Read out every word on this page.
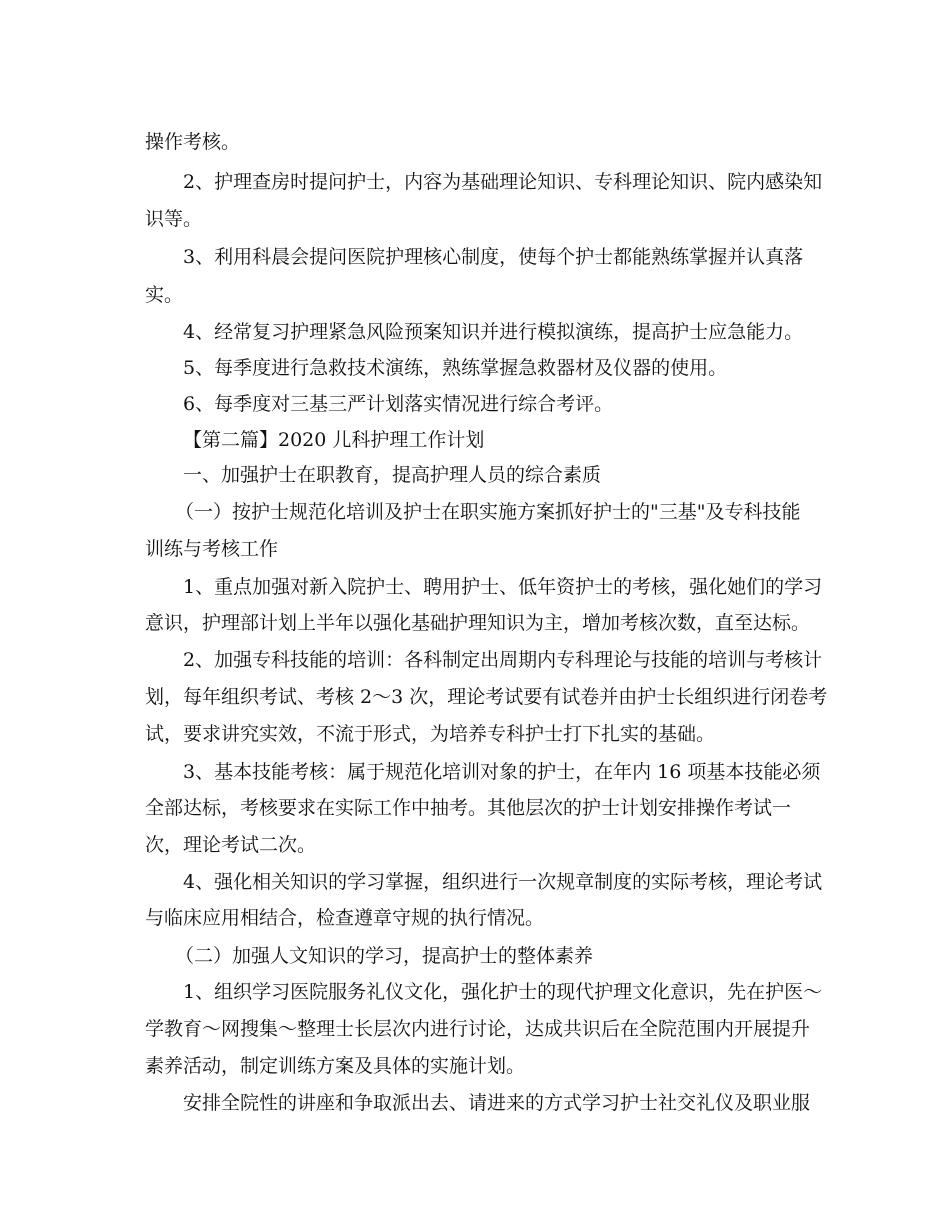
操作考核。

2、护理查房时提问护士，内容为基础理论知识、专科理论知识、院内感染知

识等。

3、利用科晨会提问医院护理核心制度，使每个护士都能熟练掌握并认真落

实。

4、经常复习护理紧急风险预案知识并进行模拟演练，提高护士应急能力。

5、每季度进行急救技术演练，熟练掌握急救器材及仪器的使用。

6、每季度对三基三严计划落实情况进行综合考评。

【第二篇】2020 儿科护理工作计划

一、加强护士在职教育，提高护理人员的综合素质

（一）按护士规范化培训及护士在职实施方案抓好护士的"三基"及专科技能

训练与考核工作

1、重点加强对新入院护士、聘用护士、低年资护士的考核，强化她们的学习

意识，护理部计划上半年以强化基础护理知识为主，增加考核次数，直至达标。

2、加强专科技能的培训：各科制定出周期内专科理论与技能的培训与考核计

划，每年组织考试、考核 2～3 次，理论考试要有试卷并由护士长组织进行闭卷考

试，要求讲究实效，不流于形式，为培养专科护士打下扎实的基础。

3、基本技能考核：属于规范化培训对象的护士，在年内 16 项基本技能必须

全部达标，考核要求在实际工作中抽考。其他层次的护士计划安排操作考试一

次，理论考试二次。

4、强化相关知识的学习掌握，组织进行一次规章制度的实际考核，理论考试

与临床应用相结合，检查遵章守规的执行情况。

（二）加强人文知识的学习，提高护士的整体素养

1、组织学习医院服务礼仪文化，强化护士的现代护理文化意识，先在护医～

学教育～网搜集～整理士长层次内进行讨论，达成共识后在全院范围内开展提升

素养活动，制定训练方案及具体的实施计划。

安排全院性的讲座和争取派出去、请进来的方式学习护士社交礼仪及职业服
